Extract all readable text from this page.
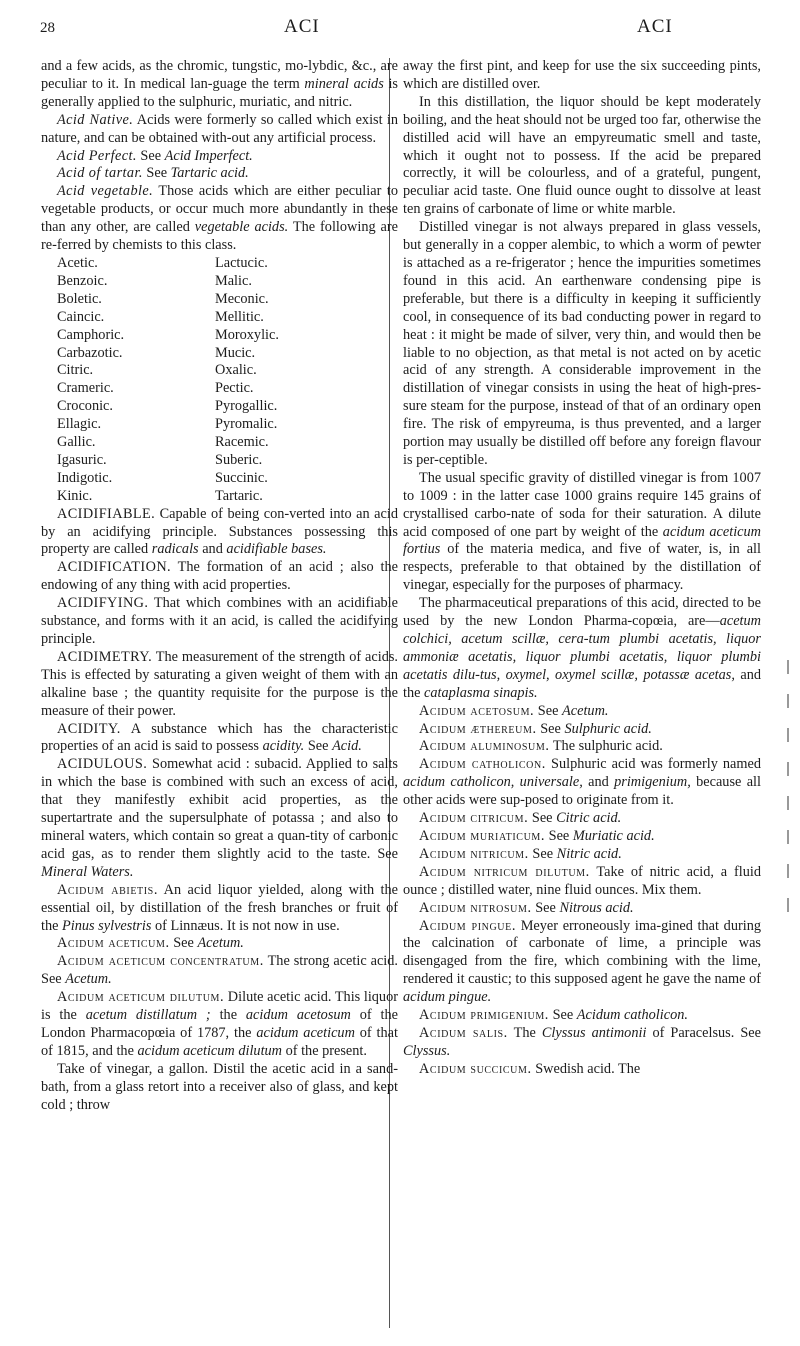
28	ACI	ACI

and a few acids, as the chromic, tungstic, mo-lybdic, &c., are peculiar to it. In medical lan-guage the term mineral acids is generally applied to the sulphuric, muriatic, and nitric.

Acid Native. Acids were formerly so called which exist in nature, and can be obtained with-out any artificial process.

Acid Perfect. See Acid Imperfect.

Acid of tartar. See Tartaric acid.

Acid vegetable. Those acids which are either peculiar to vegetable products, or occur much more abundantly in these than any other, are called vegetable acids. The following are re-ferred by chemists to this class.

Acetic.	Lactucic.
Benzoic.	Malic.
Boletic.	Meconic.
Caincic.	Mellitic.
Camphoric.	Moroxylic.
Carbazotic.	Mucic.
Citric.	Oxalic.
Crameric.	Pectic.
Croconic.	Pyrogallic.
Ellagic.	Pyromalic.
Gallic.	Racemic.
Igasuric.	Suberic.
Indigotic.	Succinic.
Kinic.	Tartaric.

ACIDIFIABLE. Capable of being con-verted into an acid by an acidifying principle. Substances possessing this property are called radicals and acidifiable bases.

ACIDIFICATION. The formation of an acid ; also the endowing of any thing with acid properties.

ACIDIFYING. That which combines with an acidifiable substance, and forms with it an acid, is called the acidifying principle.

ACIDIMETRY. The measurement of the strength of acids. This is effected by saturating a given weight of them with an alkaline base ; the quantity requisite for the purpose is the measure of their power.

ACIDITY. A substance which has the characteristic properties of an acid is said to possess acidity. See Acid.

ACIDULOUS. Somewhat acid : subacid. Applied to salts in which the base is combined with such an excess of acid, that they manifestly exhibit acid properties, as the supertartrate and the supersulphate of potassa ; and also to mineral waters, which contain so great a quan-tity of carbonic acid gas, as to render them slightly acid to the taste. See Mineral Waters.

Acidum abietis. An acid liquor yielded, along with the essential oil, by distillation of the fresh branches or fruit of the Pinus sylvestris of Linnæus. It is not now in use.

Acidum aceticum. See Acetum.

Acidum aceticum concentratum. The strong acetic acid. See Acetum.

Acidum aceticum dilutum. Dilute acetic acid. This liquor is the acetum distillatum ; the acidum acetosum of the London Pharmacopœia of 1787, the acidum aceticum of that of 1815, and the acidum aceticum dilutum of the present.

Take of vinegar, a gallon. Distil the acetic acid in a sand-bath, from a glass retort into a receiver also of glass, and kept cold ; throw

away the first pint, and keep for use the six succeeding pints, which are distilled over.

In this distillation, the liquor should be kept moderately boiling, and the heat should not be urged too far, otherwise the distilled acid will have an empyreumatic smell and taste, which it ought not to possess. If the acid be prepared correctly, it will be colourless, and of a grateful, pungent, peculiar acid taste. One fluid ounce ought to dissolve at least ten grains of carbonate of lime or white marble.

Distilled vinegar is not always prepared in glass vessels, but generally in a copper alembic, to which a worm of pewter is attached as a re-frigerator ; hence the impurities sometimes found in this acid. An earthenware condensing pipe is preferable, but there is a difficulty in keeping it sufficiently cool, in consequence of its bad conducting power in regard to heat : it might be made of silver, very thin, and would then be liable to no objection, as that metal is not acted on by acetic acid of any strength. A considerable improvement in the distillation of vinegar consists in using the heat of high-pres-sure steam for the purpose, instead of that of an ordinary open fire. The risk of empyreuma, is thus prevented, and a larger portion may usually be distilled off before any foreign flavour is per-ceptible.

The usual specific gravity of distilled vinegar is from 1007 to 1009 : in the latter case 1000 grains require 145 grains of crystallised carbo-nate of soda for their saturation. A dilute acid composed of one part by weight of the acidum aceticum fortius of the materia medica, and five of water, is, in all respects, preferable to that obtained by the distillation of vinegar, especially for the purposes of pharmacy.

The pharmaceutical preparations of this acid, directed to be used by the new London Pharma-copœia, are—acetum colchici, acetum scillæ, cera-tum plumbi acetatis, liquor ammoniæ acetatis, liquor plumbi acetatis, liquor plumbi acetatis dilu-tus, oxymel, oxymel scillæ, potassæ acetas, and the cataplasma sinapis.

Acidum acetosum. See Acetum.

Acidum æthereum. See Sulphuric acid.

Acidum aluminosum. The sulphuric acid.

Acidum catholicon. Sulphuric acid was formerly named acidum catholicon, universale, and primigenium, because all other acids were sup-posed to originate from it.

Acidum citricum. See Citric acid.

Acidum muriaticum. See Muriatic acid.

Acidum nitricum. See Nitric acid.

Acidum nitricum dilutum. Take of nitric acid, a fluid ounce ; distilled water, nine fluid ounces. Mix them.

Acidum nitrosum. See Nitrous acid.

Acidum pingue. Meyer erroneously ima-gined that during the calcination of carbonate of lime, a principle was disengaged from the fire, which combining with the lime, rendered it caustic; to this supposed agent he gave the name of acidum pingue.

Acidum primigenium. See Acidum catholicon.

Acidum salis. The Clyssus antimonii of Paracelsus. See Clyssus.

Acidum succicum. Swedish acid. The
